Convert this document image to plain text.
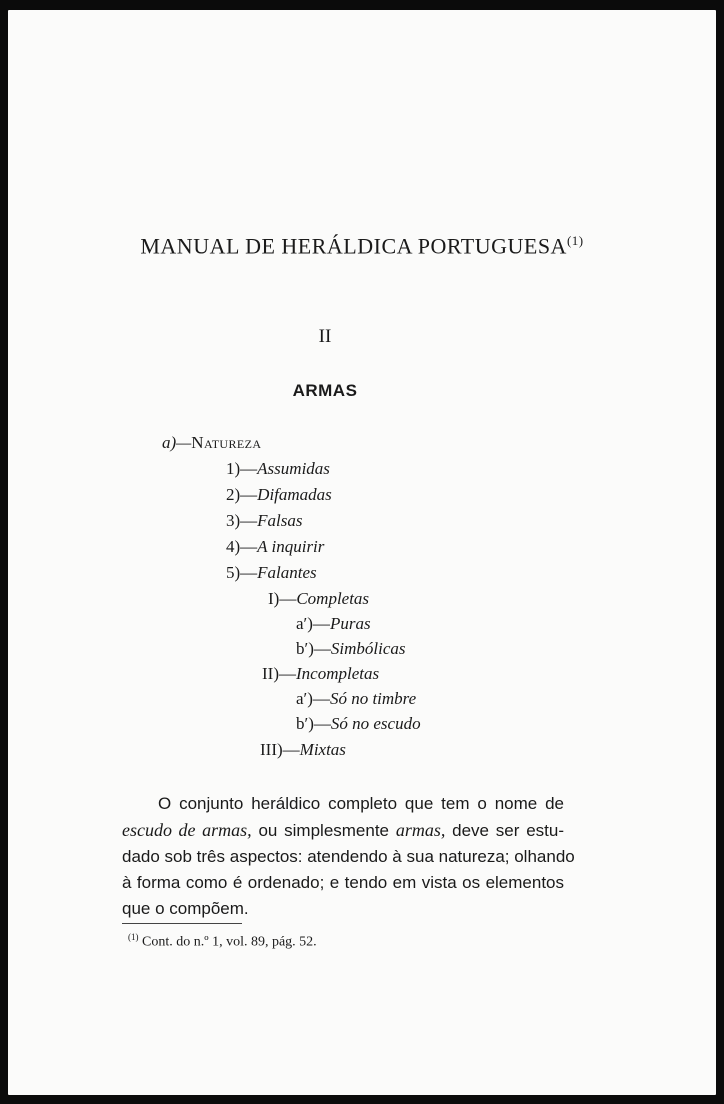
MANUAL DE HERÁLDICA PORTUGUESA$^{(1)}$
II
ARMAS
a)—Natureza
1)—Assumidas
2)—Difamadas
3)—Falsas
4)—A inquirir
5)—Falantes
I)—Completas
a′)—Puras
b′)—Simbólicas
II)—Incompletas
a′)—Só no timbre
b′)—Só no escudo
III)—Mixtas
O conjunto heráldico completo que tem o nome de
escudo de armas, ou simplesmente armas, deve ser estu-
dado sob três aspectos: atendendo à sua natureza; olhando
à forma como é ordenado; e tendo em vista os elementos
que o compõem.
$^{(1)}$ Cont. do n.º 1, vol. 89, pág. 52.
